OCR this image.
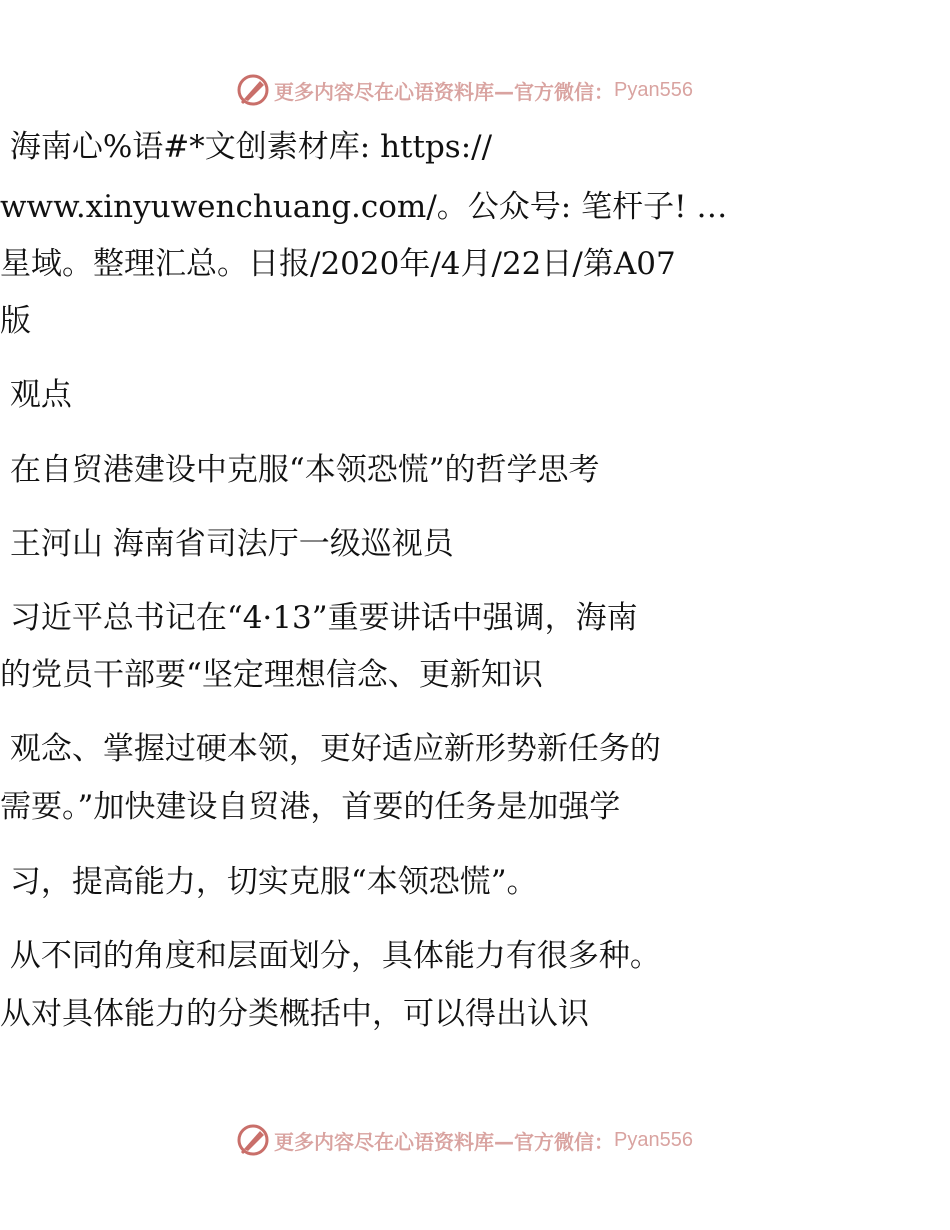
更多内容尽在心语资料库—官方微信： Pyan556
海南心%语#*文创素材库: https://
www.xinyuwenchuang.com/。公众号: 笔杆子! …
星域。整理汇总。日报/2020年/4月/22日/第A07
版
观点
在自贸港建设中克服“本领恐慌”的哲学思考
王河山 海南省司法厅一级巡视员
习近平总书记在“4·13”重要讲话中强调，海南
的党员干部要“坚定理想信念、更新知识
观念、掌握过硬本领，更好适应新形势新任务的
需要。”加快建设自贸港，首要的任务是加强学
习，提高能力，切实克服“本领恐慌”。
从不同的角度和层面划分，具体能力有很多种。
从对具体能力的分类概括中，可以得出认识
更多内容尽在心语资料库—官方微信： Pyan556
